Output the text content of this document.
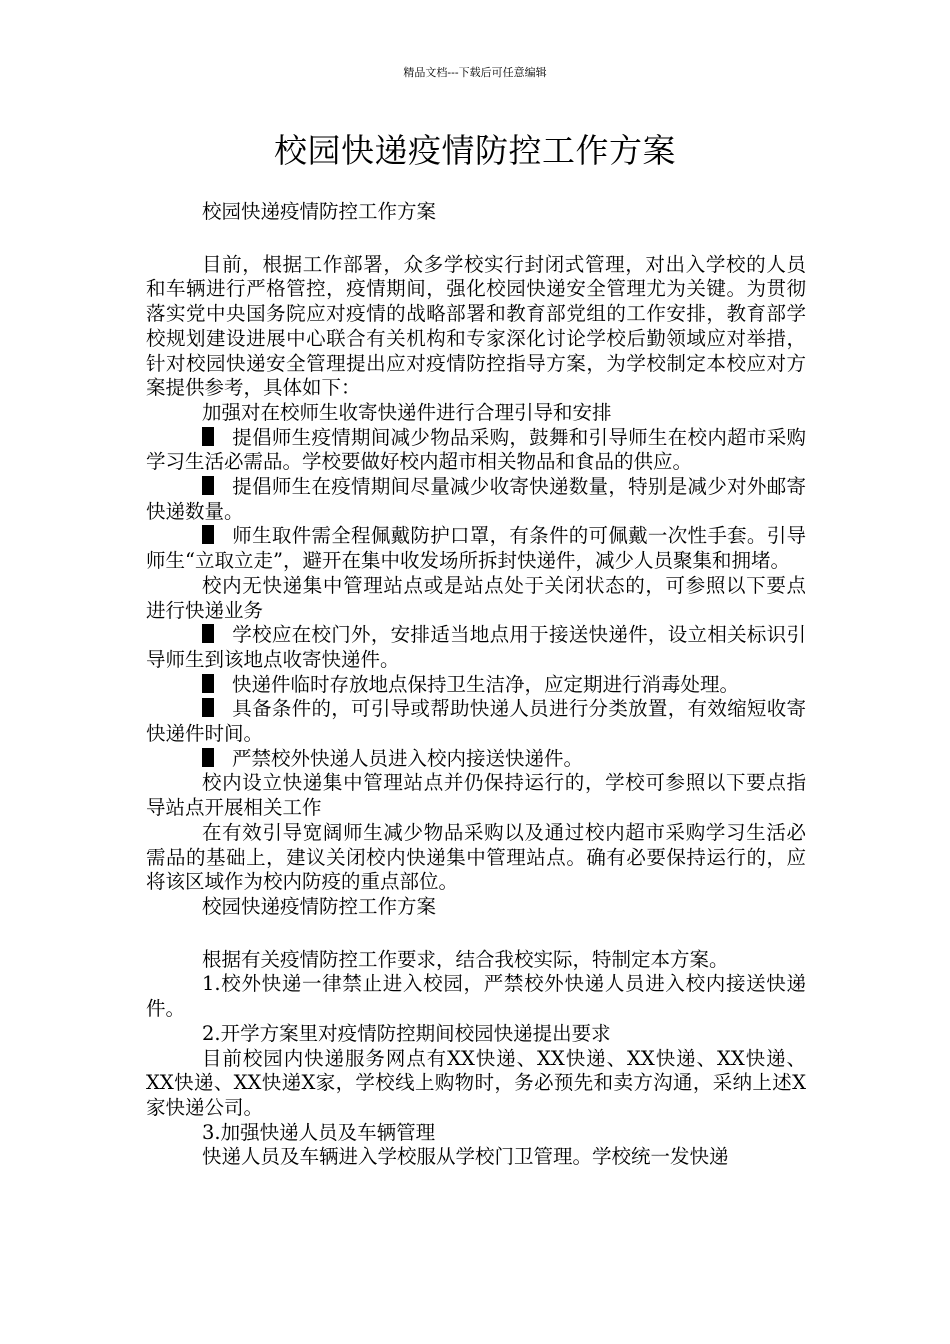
精品文档---下载后可任意编辑
校园快递疫情防控工作方案

校园快递疫情防控工作方案

目前，根据工作部署，众多学校实行封闭式管理，对出入学校的人员和车辆进行严格管控，疫情期间，强化校园快递安全管理尤为关键。为贯彻落实党中央国务院应对疫情的战略部署和教育部党组的工作安排，教育部学校规划建设进展中心联合有关机构和专家深化讨论学校后勤领域应对举措，针对校园快递安全管理提出应对疫情防控指导方案，为学校制定本校应对方案提供参考，具体如下：

加强对在校师生收寄快递件进行合理引导和安排

提倡师生疫情期间减少物品采购，鼓舞和引导师生在校内超市采购学习生活必需品。学校要做好校内超市相关物品和食品的供应。

提倡师生在疫情期间尽量减少收寄快递数量，特别是减少对外邮寄快递数量。

师生取件需全程佩戴防护口罩，有条件的可佩戴一次性手套。引导师生“立取立走”，避开在集中收发场所拆封快递件，减少人员聚集和拥堵。

校内无快递集中管理站点或是站点处于关闭状态的，可参照以下要点进行快递业务

学校应在校门外，安排适当地点用于接送快递件，设立相关标识引导师生到该地点收寄快递件。

快递件临时存放地点保持卫生洁净，应定期进行消毒处理。

具备条件的，可引导或帮助快递人员进行分类放置，有效缩短收寄快递件时间。

严禁校外快递人员进入校内接送快递件。

校内设立快递集中管理站点并仍保持运行的，学校可参照以下要点指导站点开展相关工作

在有效引导宽阔师生减少物品采购以及通过校内超市采购学习生活必需品的基础上，建议关闭校内快递集中管理站点。确有必要保持运行的，应将该区域作为校内防疫的重点部位。

校园快递疫情防控工作方案

根据有关疫情防控工作要求，结合我校实际，特制定本方案。

1.校外快递一律禁止进入校园，严禁校外快递人员进入校内接送快递件。

2.开学方案里对疫情防控期间校园快递提出要求

目前校园内快递服务网点有XX快递、XX快递、XX快递、XX快递、XX快递、XX快递X家，学校线上购物时，务必预先和卖方沟通，采纳上述X家快递公司。

3.加强快递人员及车辆管理

快递人员及车辆进入学校服从学校门卫管理。学校统一发快递
